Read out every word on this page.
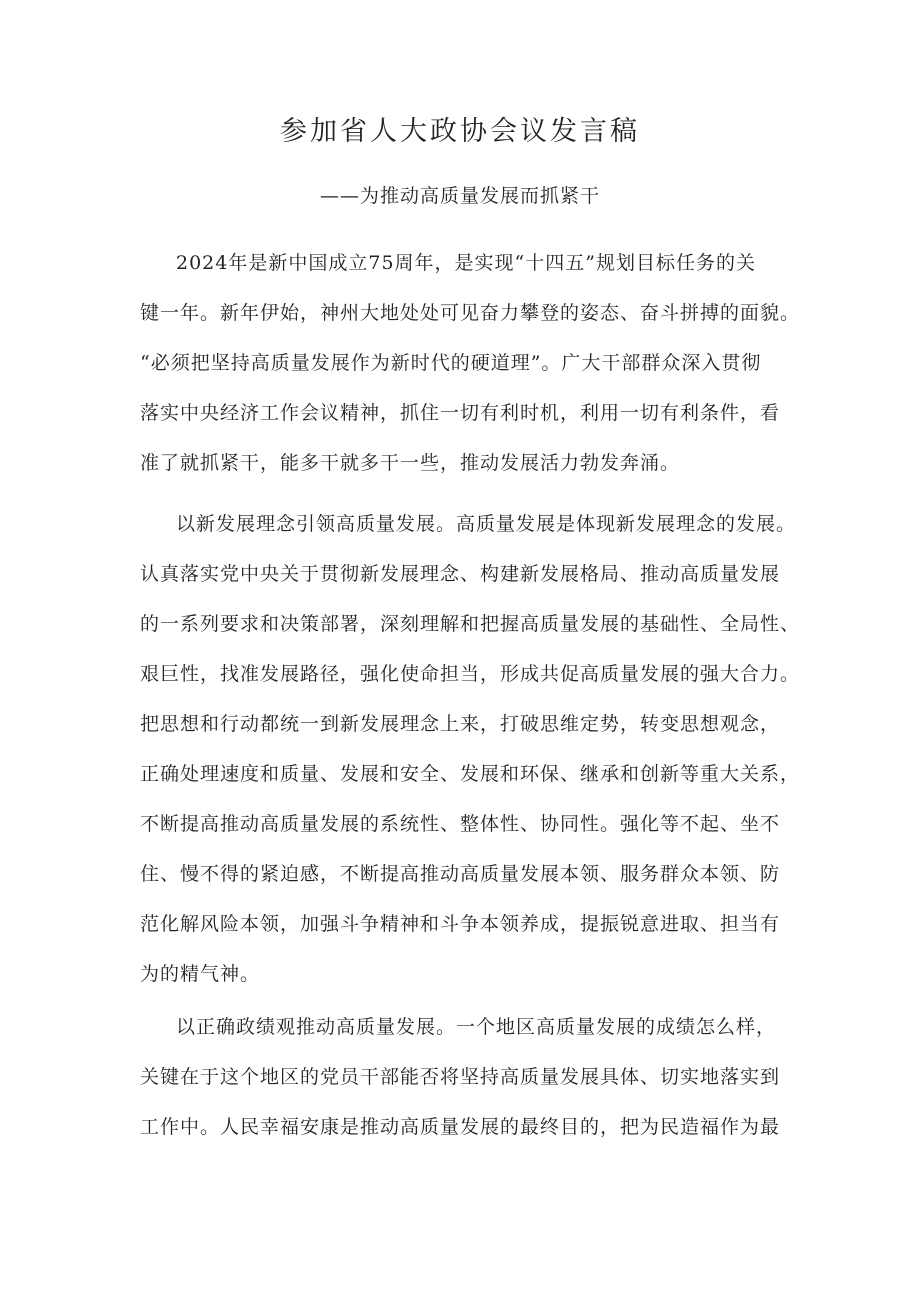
参加省人大政协会议发言稿
——为推动高质量发展而抓紧干
2024年是新中国成立75周年，是实现“十四五”规划目标任务的关
键一年。新年伊始，神州大地处处可见奋力攀登的姿态、奋斗拼搏的面貌。
“必须把坚持高质量发展作为新时代的硬道理”。广大干部群众深入贯彻
落实中央经济工作会议精神，抓住一切有利时机，利用一切有利条件，看
准了就抓紧干，能多干就多干一些，推动发展活力勃发奔涌。
以新发展理念引领高质量发展。高质量发展是体现新发展理念的发展。
认真落实党中央关于贯彻新发展理念、构建新发展格局、推动高质量发展
的一系列要求和决策部署，深刻理解和把握高质量发展的基础性、全局性、
艰巨性，找准发展路径，强化使命担当，形成共促高质量发展的强大合力。
把思想和行动都统一到新发展理念上来，打破思维定势，转变思想观念，
正确处理速度和质量、发展和安全、发展和环保、继承和创新等重大关系，
不断提高推动高质量发展的系统性、整体性、协同性。强化等不起、坐不
住、慢不得的紧迫感，不断提高推动高质量发展本领、服务群众本领、防
范化解风险本领，加强斗争精神和斗争本领养成，提振锐意进取、担当有
为的精气神。
以正确政绩观推动高质量发展。一个地区高质量发展的成绩怎么样，
关键在于这个地区的党员干部能否将坚持高质量发展具体、切实地落实到
工作中。人民幸福安康是推动高质量发展的最终目的，把为民造福作为最
